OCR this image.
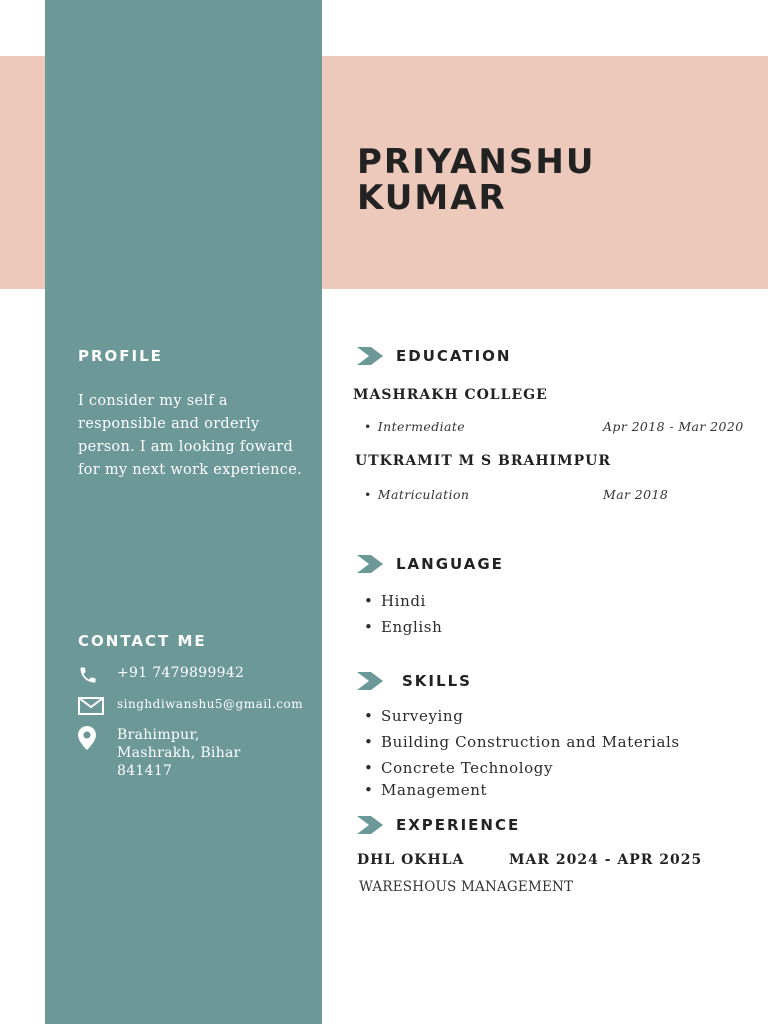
PRIYANSHU
KUMAR
PROFILE
I consider my self a responsible and orderly person. I am looking foward for my next work experience.
CONTACT ME
+91 7479899942
singhdiwanshu5@gmail.com
Brahimpur,
Mashrakh, Bihar
841417
EDUCATION
MASHRAKH COLLEGE
• Intermediate	Apr 2018 - Mar 2020
UTKRAMIT M S BRAHIMPUR
• Matriculation	Mar 2018
LANGUAGE
• Hindi
• English
SKILLS
• Surveying
• Building Construction and Materials
• Concrete Technology
• Management
EXPERIENCE
DHL OKHLA	MAR 2024 - APR 2025
WARESHOUS MANAGEMENT
